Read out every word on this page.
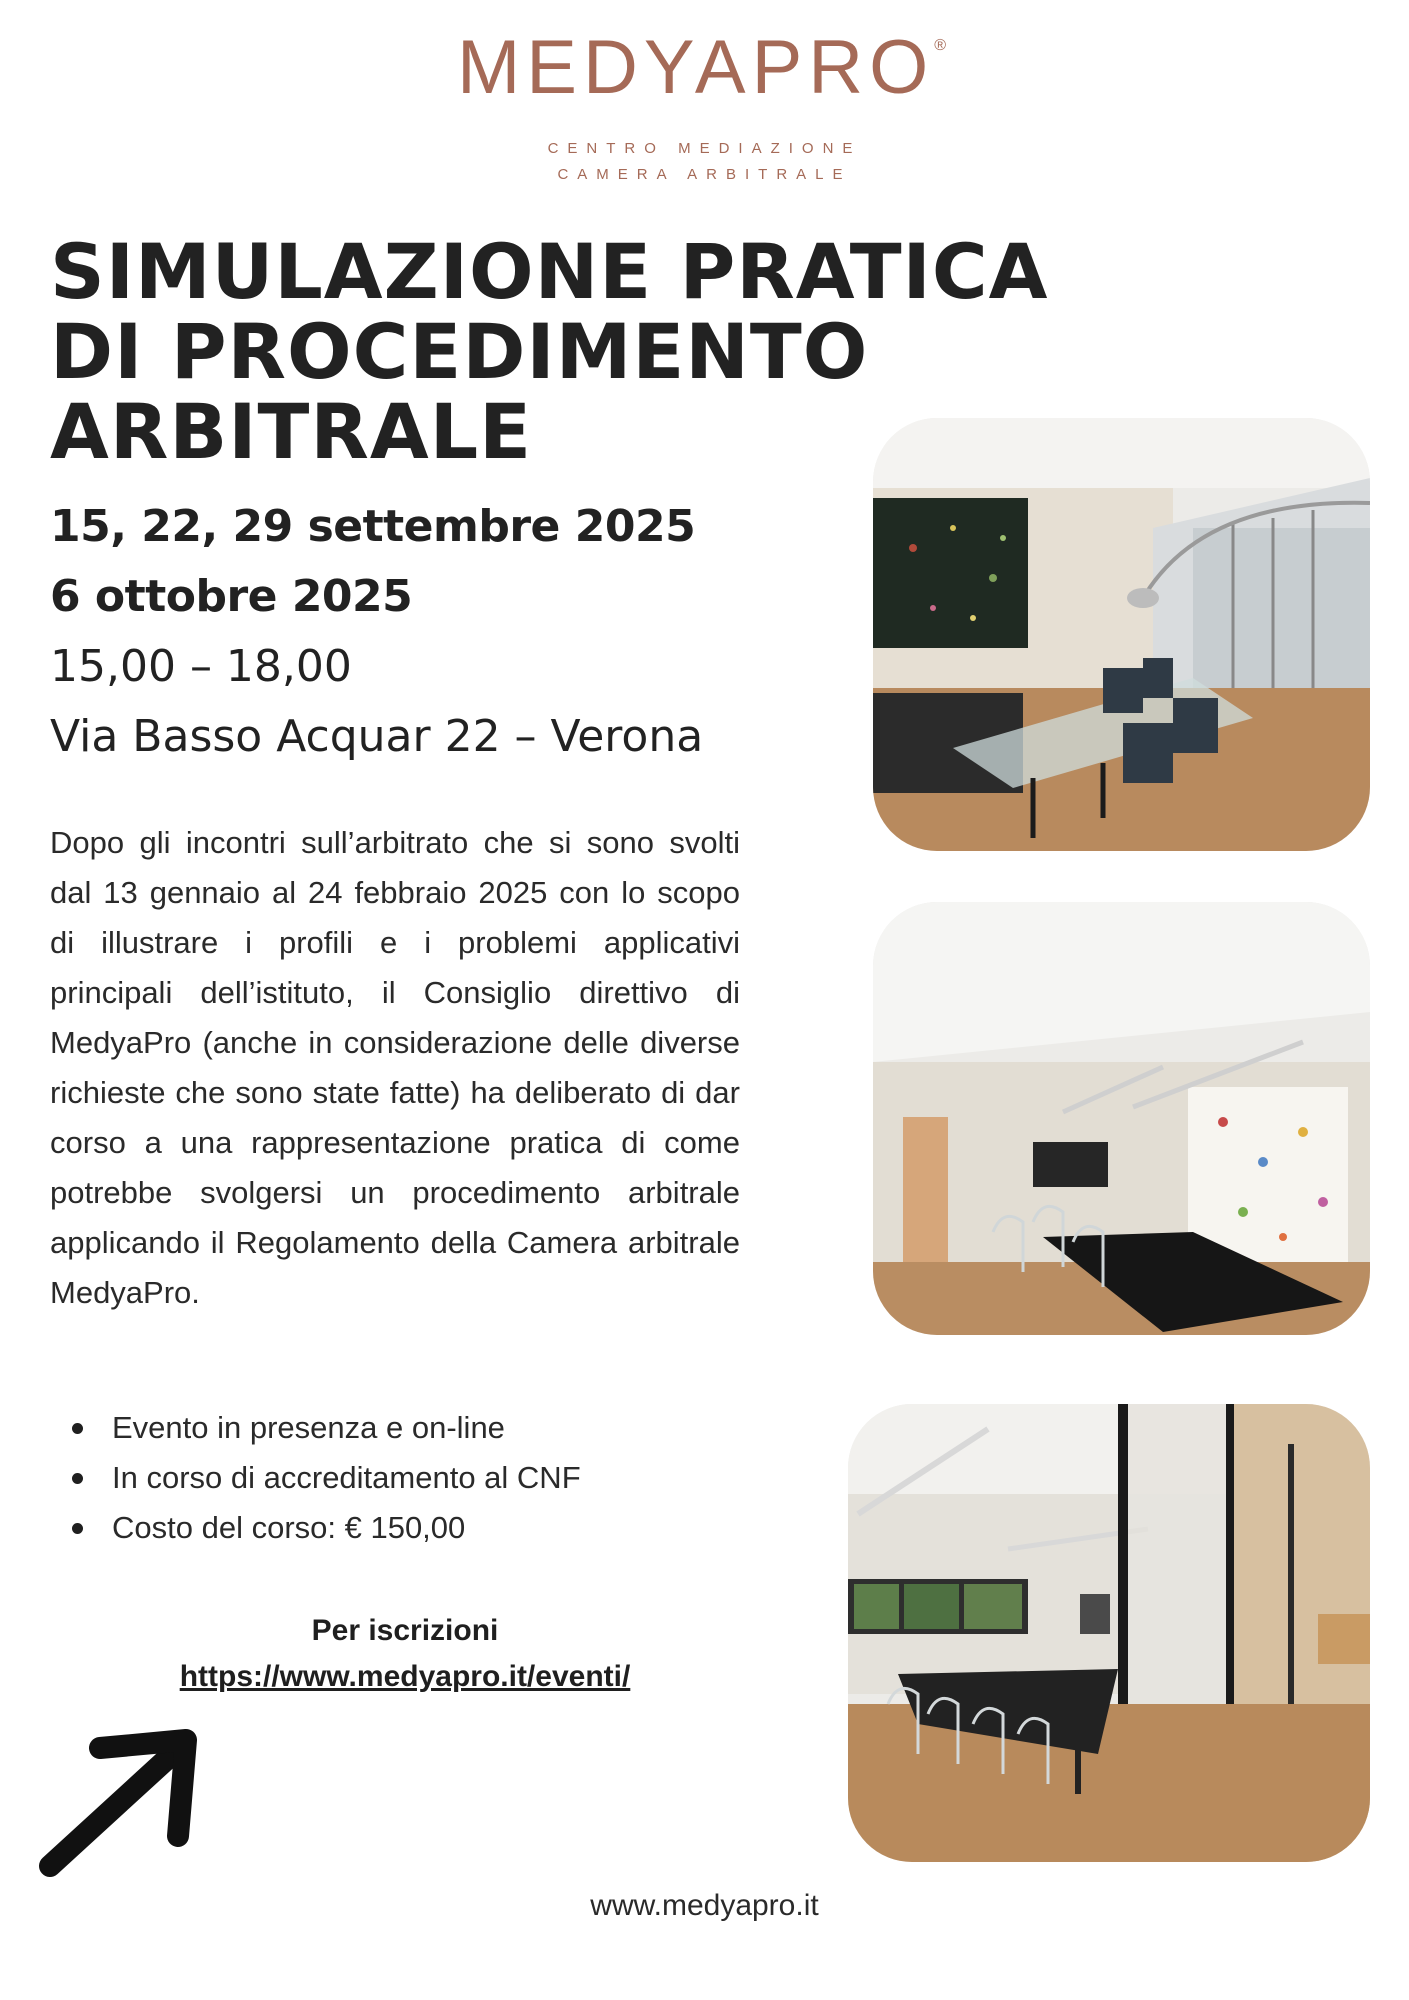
MEDYAPRO®
CENTRO MEDIAZIONE
CAMERA ARBITRALE
SIMULAZIONE PRATICA
DI PROCEDIMENTO
ARBITRALE
15, 22, 29 settembre 2025
6 ottobre 2025
15,00 – 18,00
Via Basso Acquar 22 – Verona
Dopo gli incontri sull’arbitrato che si sono svolti dal 13 gennaio al 24 febbraio 2025 con lo scopo di illustrare i profili e i problemi applicativi principali dell’istituto, il Consiglio direttivo di MedyaPro (anche in considerazione delle diverse richieste che sono state fatte) ha deliberato di dar corso a una rappresentazione pratica di come potrebbe svolgersi un procedimento arbitrale applicando il Regolamento della Camera arbitrale MedyaPro.
Evento in presenza e on-line
In corso di accreditamento al CNF
Costo del corso: € 150,00
Per iscrizioni
https://www.medyapro.it/eventi/
www.medyapro.it
